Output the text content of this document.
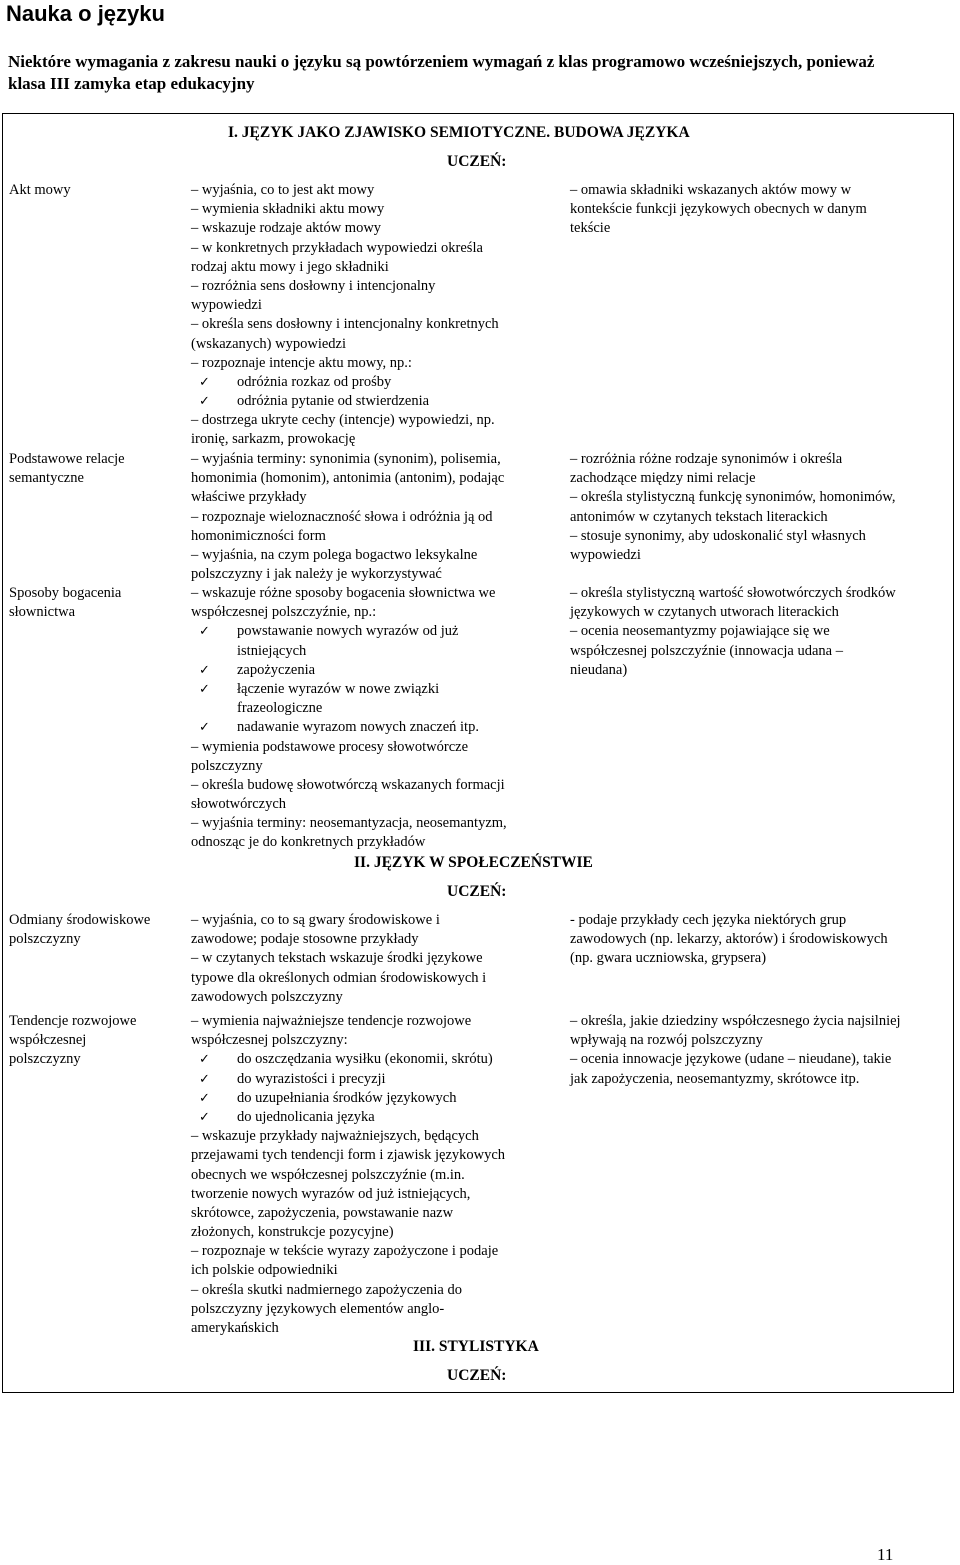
Nauka o języku
Niektóre wymagania z zakresu nauki o języku są powtórzeniem wymagań z klas programowo wcześniejszych, ponieważ klasa III zamyka etap edukacyjny
I. JĘZYK JAKO ZJAWISKO SEMIOTYCZNE. BUDOWA JĘZYKA
UCZEŃ:
II. JĘZYK W SPOŁECZEŃSTWIE
UCZEŃ:
III. STYLISTYKA
UCZEŃ:
Akt mowy
Podstawowe relacje
semantyczne
Sposoby bogacenia
słownictwa
Odmiany środowiskowe
polszczyzny
Tendencje rozwojowe
współczesnej
polszczyzny
– wyjaśnia, co to jest akt mowy
– wymienia składniki aktu mowy
– wskazuje rodzaje aktów mowy
– w konkretnych przykładach wypowiedzi określa
rodzaj aktu mowy i jego składniki
– rozróżnia sens dosłowny i intencjonalny
wypowiedzi
– określa sens dosłowny i intencjonalny konkretnych
(wskazanych) wypowiedzi
– rozpoznaje intencje aktu mowy, np.:
✓ odróżnia rozkaz od prośby
✓ odróżnia pytanie od stwierdzenia
– dostrzega ukryte cechy (intencje) wypowiedzi, np.
ironię, sarkazm, prowokację
– wyjaśnia terminy: synonimia (synonim), polisemia,
homonimia (homonim), antonimia (antonim), podając
właściwe przykłady
– rozpoznaje wieloznaczność słowa i odróżnia ją od
homonimiczności form
– wyjaśnia, na czym polega bogactwo leksykalne
polszczyzny i jak należy je wykorzystywać
– wskazuje różne sposoby bogacenia słownictwa we
współczesnej polszczyźnie, np.:
✓ powstawanie nowych wyrazów od już
istniejących
✓ zapożyczenia
✓ łączenie wyrazów w nowe związki
frazeologiczne
✓ nadawanie wyrazom nowych znaczeń itp.
– wymienia podstawowe procesy słowotwórcze
polszczyzny
– określa budowę słowotwórczą wskazanych formacji
słowotwórczych
– wyjaśnia terminy: neosemantyzacja, neosemantyzm,
odnosząc je do konkretnych przykładów
– wyjaśnia, co to są gwary środowiskowe i
zawodowe; podaje stosowne przykłady
– w czytanych tekstach wskazuje środki językowe
typowe dla określonych odmian środowiskowych i
zawodowych polszczyzny
– wymienia najważniejsze tendencje rozwojowe
współczesnej polszczyzny:
✓ do oszczędzania wysiłku (ekonomii, skrótu)
✓ do wyrazistości i precyzji
✓ do uzupełniania środków językowych
✓ do ujednolicania języka
– wskazuje przykłady najważniejszych, będących
przejawami tych tendencji form i zjawisk językowych
obecnych we współczesnej polszczyźnie (m.in.
tworzenie nowych wyrazów od już istniejących,
skrótowce, zapożyczenia, powstawanie nazw
złożonych, konstrukcje pozycyjne)
– rozpoznaje w tekście wyrazy zapożyczone i podaje
ich polskie odpowiedniki
– określa skutki nadmiernego zapożyczenia do
polszczyzny językowych elementów anglo-
amerykańskich
– omawia składniki wskazanych aktów mowy w
kontekście funkcji językowych obecnych w danym
tekście
– rozróżnia różne rodzaje synonimów i określa
zachodzące między nimi relacje
– określa stylistyczną funkcję synonimów, homonimów,
antonimów w czytanych tekstach literackich
– stosuje synonimy, aby udoskonalić styl własnych
wypowiedzi
– określa stylistyczną wartość słowotwórczych środków
językowych w czytanych utworach literackich
– ocenia neosemantyzmy pojawiające się we
współczesnej polszczyźnie (innowacja udana –
nieudana)
- podaje przykłady cech języka niektórych grup
zawodowych (np. lekarzy, aktorów) i środowiskowych
(np. gwara uczniowska, grypsera)
– określa, jakie dziedziny współczesnego życia najsilniej
wpływają na rozwój polszczyzny
– ocenia innowacje językowe (udane – nieudane), takie
jak zapożyczenia, neosemantyzmy, skrótowce itp.
11
